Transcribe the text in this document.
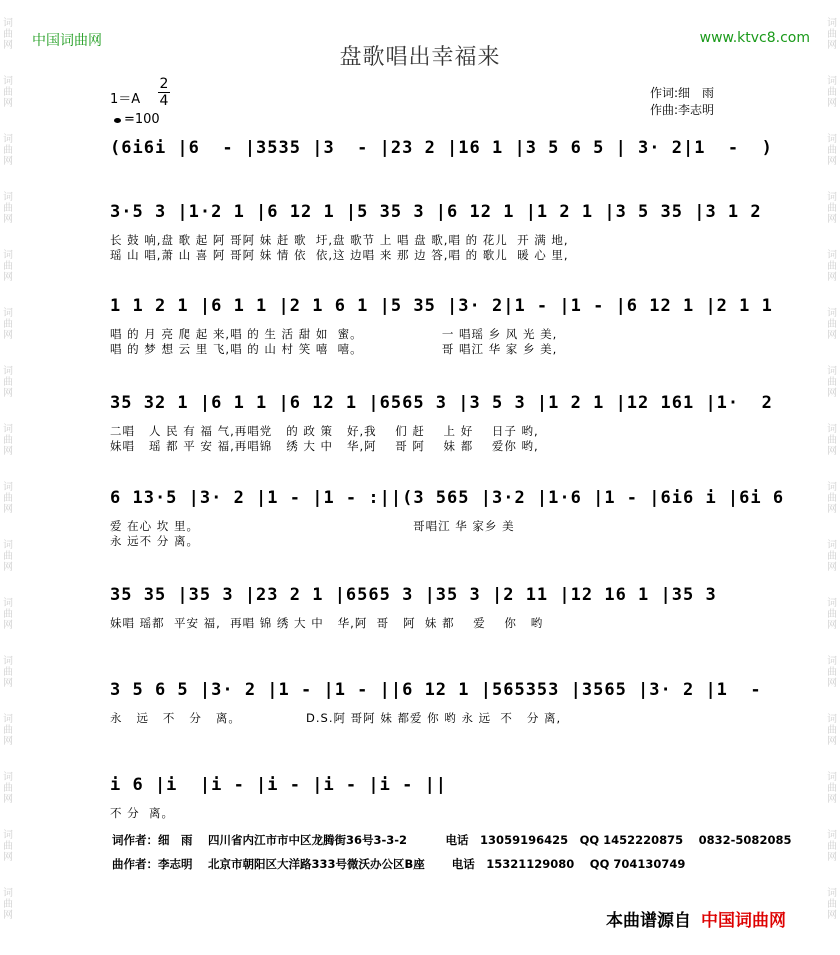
中国词曲网	www.ktvc8.com
盘歌唱出幸福来
$1=A \frac{2}{4}$
=100
作词:细　雨
作曲:李志明
词曲网
词曲网
词曲网
词曲网
词曲网
词曲网
词曲网
词曲网
词曲网
词曲网
词曲网
词曲网
词曲网
词曲网
词曲网
词曲网
词曲网
词曲网
词曲网
词曲网
词曲网
词曲网
词曲网
词曲网
词曲网
词曲网
词曲网
词曲网
词曲网
词曲网
词曲网
词曲网
(6i6i |6  - |3535 |3  - |23 2 |16 1 |3 5 6 5 | 3· 2|1  -  )
3·5 3 |1·2 1 |6 12 1 |5 35 3 |6 12 1 |1 2 1 |3 5 35 |3 1 2
长 鼓 响,盘 歌 起 阿 哥阿 妹 赶 歌  圩,盘 歌节 上 唱 盘 歌,唱 的 花儿  开 满 地,
瑶 山 唱,萧 山 喜 阿 哥阿 妹 情 依  依,这 边唱 来 那 边 答,唱 的 歌儿  暖 心 里,
1 1 2 1 |6 1 1 |2 1 6 1 |5 35 |3· 2|1 - |1 - |6 12 1 |2 1 1
唱 的 月 亮 爬 起 来,唱 的 生 活 甜 如  蜜。                 一 唱瑶 乡 风 光 美,
唱 的 梦 想 云 里 飞,唱 的 山 村 笑 嘻  嘻。                 哥 唱江 华 家 乡 美,
35 32 1 |6 1 1 |6 12 1 |6565 3 |3 5 3 |1 2 1 |12 161 |1·  2
二唱   人 民 有 福 气,再唱党   的 政 策   好,我    们 赶    上 好    日子 哟,
妹唱   瑶 都 平 安 福,再唱锦   绣 大 中   华,阿    哥 阿    妹 都    爱你 哟,
6 13·5 |3· 2 |1 - |1 - :||(3 565 |3·2 |1·6 |1 - |6i6 i |6i 6
爱 在心 坎 里。                                              哥唱江 华 家乡 美
永 远不 分 离。
35 35 |35 3 |23 2 1 |6565 3 |35 3 |2 11 |12 16 1 |35 3
妹唱 瑶都  平安 福,  再唱 锦 绣 大 中   华,阿  哥   阿  妹 都    爱    你   哟
3 5 6 5 |3· 2 |1 - |1 - ||6 12 1 |565353 |3565 |3· 2 |1  -
永   远   不   分   离。              D.S.阿 哥阿 妹 都爱 你 哟 永 远  不   分 离,
i 6 |i  |i - |i - |i - |i - ||
不 分  离。
词作者：细　雨　 四川省内江市市中区龙腾街36号3-3-2　　　 电话　13059196425　QQ 1452220875　 0832-5082085
曲作者：李志明　 北京市朝阳区大洋路333号微沃办公区B座　　 电话　15321129080　 QQ 704130749
本曲谱源自 中国词曲网
